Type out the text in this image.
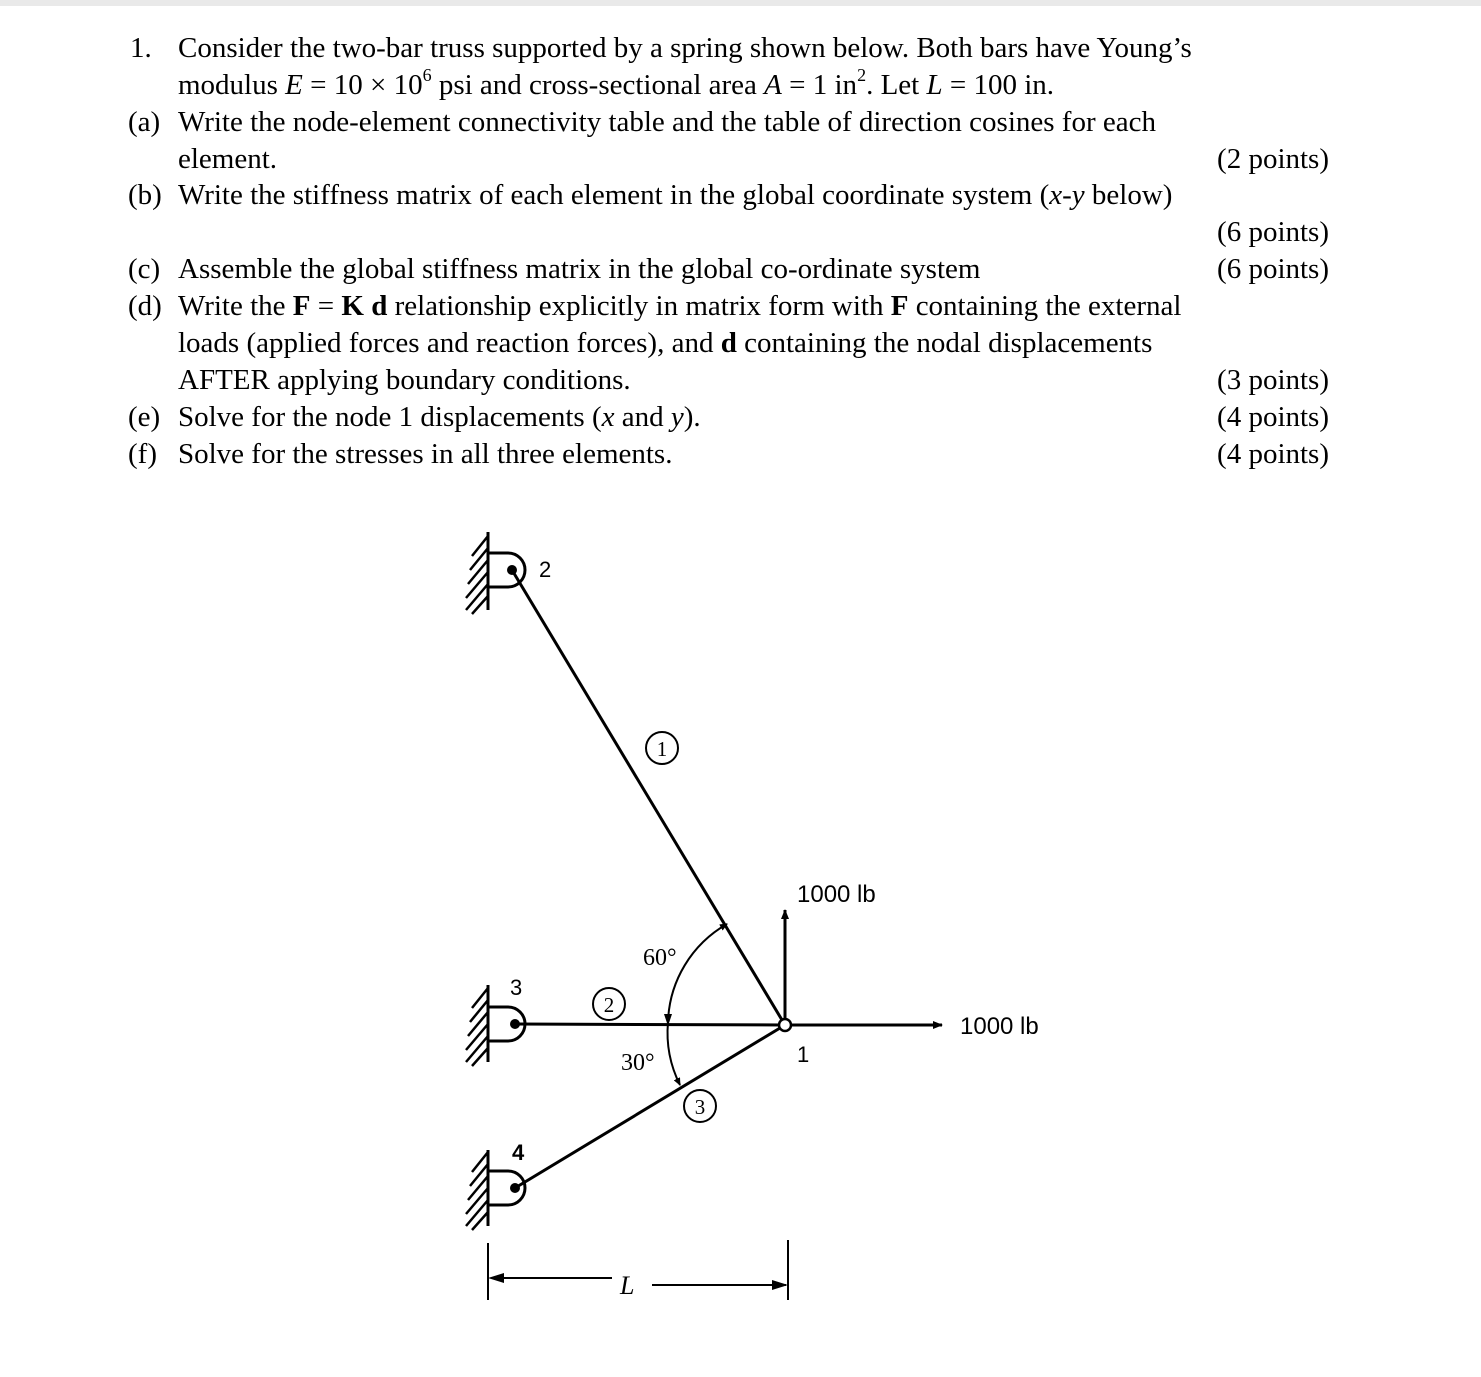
1. Consider the two-bar truss supported by a spring shown below. Both bars have Young’s
modulus $E = 10 \times 10^6$ psi and cross-sectional area A = 1 $in^2$. Let L = 100 in.
(a) Write the node-element connectivity table and the table of direction cosines for each
element.	(2 points)
(b) Write the stiffness matrix of each element in the global coordinate system (x-y below)
(6 points)
(c) Assemble the global stiffness matrix in the global co-ordinate system	(6 points)
(d) Write the F = K d relationship explicitly in matrix form with F containing the external
loads (applied forces and reaction forces), and d containing the nodal displacements
AFTER applying boundary conditions.	(3 points)
(e) Solve for the node 1 displacements (x and y).	(4 points)
(f) Solve for the stresses in all three elements.	(4 points)
2
3
4
1
1
2
3
60°
30°
1000 lb
1000 lb
L
